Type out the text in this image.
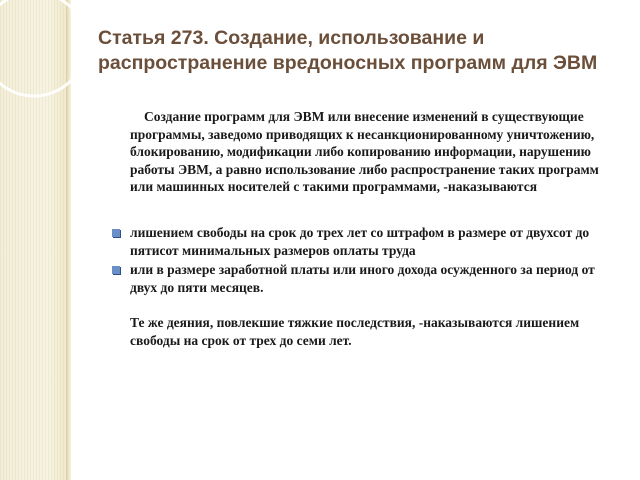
Статья 273. Создание, использование и
распространение вредоносных программ для ЭВМ

Создание программ для ЭВМ или внесение изменений в существующие программы, заведомо приводящих к несанкционированному уничтожению, блокированию, модификации либо копированию информации, нарушению работы ЭВМ, а равно использование либо распространение таких программ или машинных носителей с такими программами, -наказываются

лишением свободы на срок до трех лет со штрафом в размере от двухсот до пятисот минимальных размеров оплаты труда
или в размере заработной платы или иного дохода осужденного за период от двух до пяти месяцев.

Те же деяния, повлекшие тяжкие последствия, -наказываются лишением свободы на срок от трех до семи лет.
